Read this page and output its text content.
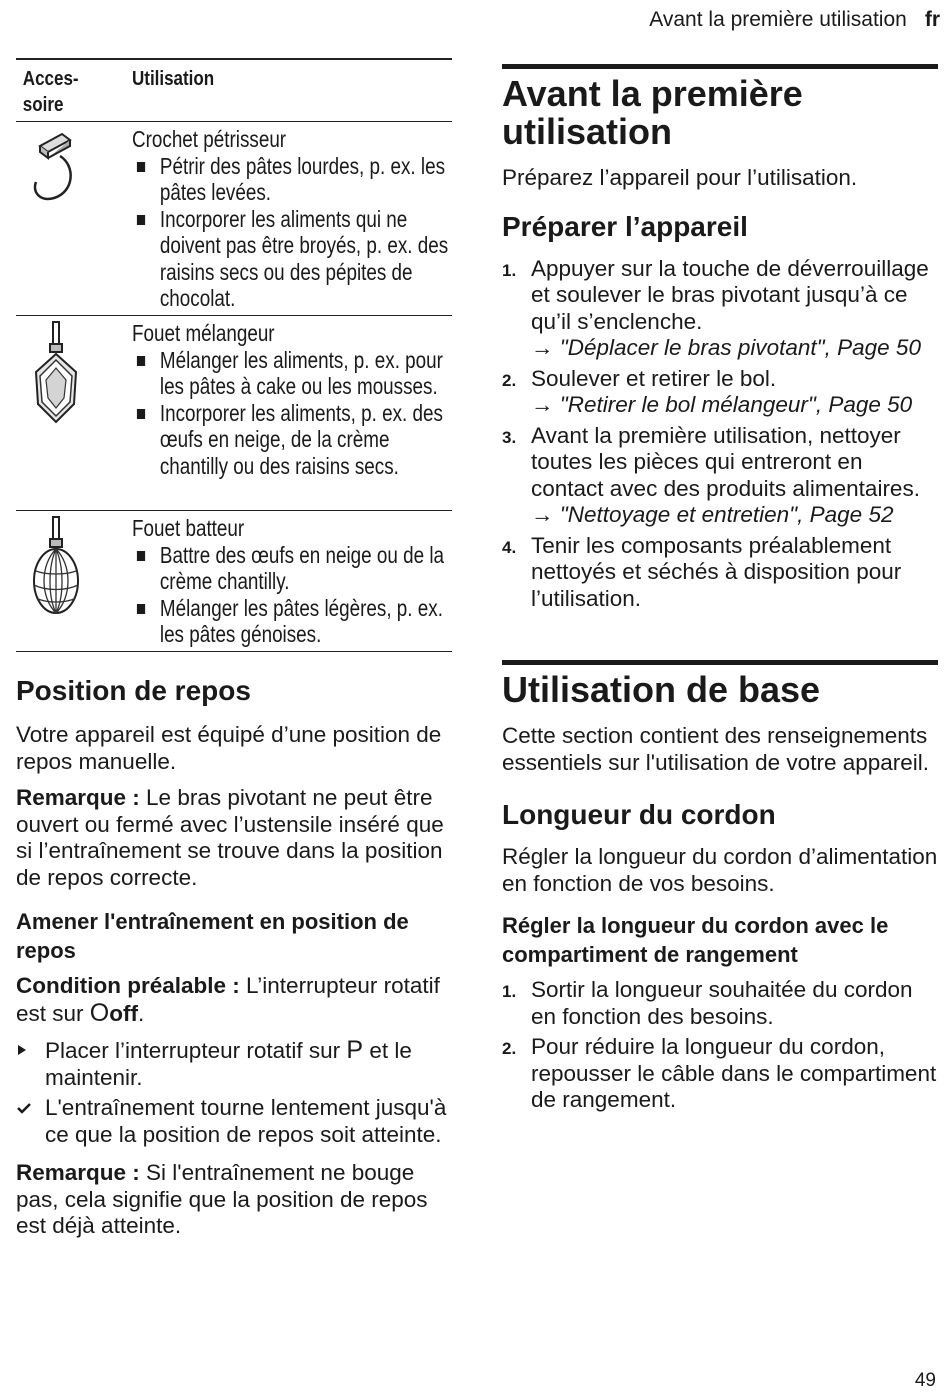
Avant la première utilisation fr
Acces-
soire
Utilisation

Crochet pétrisseur

Pétrir des pâtes lourdes, p. ex. les pâtes levées.
Incorporer les aliments qui ne doivent pas être broyés, p. ex. des raisins secs ou des pépites de chocolat.

Fouet mélangeur

Mélanger les aliments, p. ex. pour les pâtes à cake ou les mousses.
Incorporer les aliments, p. ex. des œufs en neige, de la crème chantilly ou des raisins secs.

Fouet batteur

Battre des œufs en neige ou de la crème chantilly.
Mélanger les pâtes légères, p. ex. les pâtes génoises.
Position de repos

Votre appareil est équipé d’une position de repos manuelle.

Remarque : Le bras pivotant ne peut être ouvert ou fermé avec l’ustensile inséré que si l’entraînement se trouve dans la position de repos correcte.

Amener l'entraînement en position de repos

Condition préalable : L’interrupteur rotatif est sur Ooff.

Placer l’interrupteur rotatif sur P et le maintenir.
L'entraînement tourne lentement jusqu'à ce que la position de repos soit atteinte.

Remarque : Si l'entraînement ne bouge pas, cela signifie que la position de repos est déjà atteinte.

Avant la première utilisation

Préparez l’appareil pour l’utilisation.

Préparer l’appareil
1. Appuyer sur la touche de déverrouillage et soulever le bras pivotant jusqu’à ce qu’il s’enclenche.
→ "Déplacer le bras pivotant", Page 50
2. Soulever et retirer le bol.
→ "Retirer le bol mélangeur", Page 50
3. Avant la première utilisation, nettoyer toutes les pièces qui entreront en contact avec des produits alimentaires.
→ "Nettoyage et entretien", Page 52
4. Tenir les composants préalablement nettoyés et séchés à disposition pour l’utilisation.
Utilisation de base

Cette section contient des renseignements essentiels sur l'utilisation de votre appareil.

Longueur du cordon

Régler la longueur du cordon d’alimentation en fonction de vos besoins.

Régler la longueur du cordon avec le compartiment de rangement
1. Sortir la longueur souhaitée du cordon en fonction des besoins.
2. Pour réduire la longueur du cordon, repousser le câble dans le compartiment de rangement.
49
